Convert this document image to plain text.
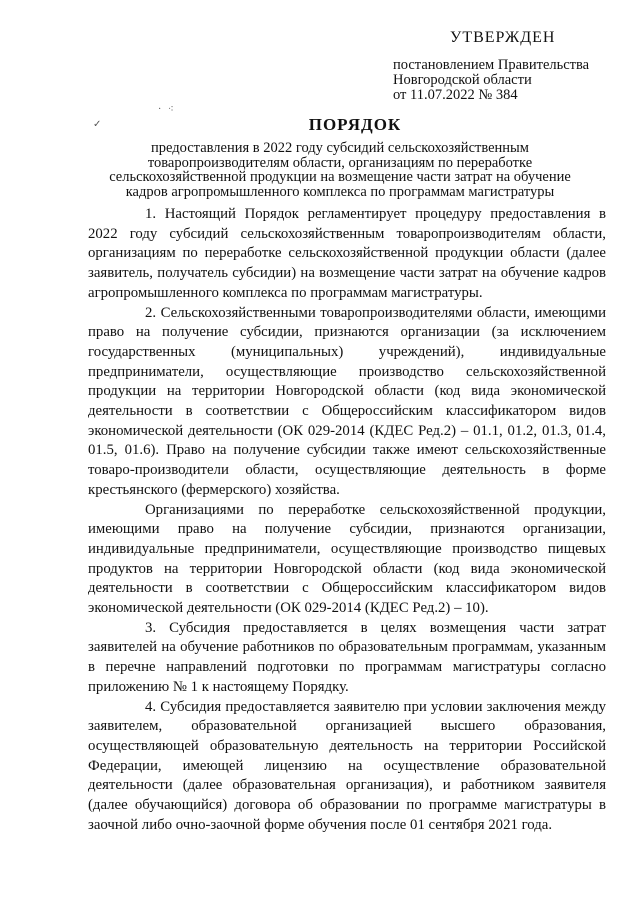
УТВЕРЖДЕН
постановлением Правительства
Новгородской области
от 11.07.2022 № 384
✓
· ⁖
ПОРЯДОК
предоставления в 2022 году субсидий сельскохозяйственным товаропроизводителям области, организациям по переработке сельскохозяйственной продукции на возмещение части затрат на обучение кадров агропромышленного комплекса по программам магистратуры

1. Настоящий Порядок регламентирует процедуру предоставления в 2022 году субсидий сельскохозяйственным товаропроизводителям области, организациям по переработке сельскохозяйственной продукции области (далее заявитель, получатель субсидии) на возмещение части затрат на обучение кадров агропромышленного комплекса по программам магистратуры.

2. Сельскохозяйственными товаропроизводителями области, имеющими право на получение субсидии, признаются организации (за исключением государственных (муниципальных) учреждений), индивидуальные предприниматели, осуществляющие производство сельскохозяйственной продукции на территории Новгородской области (код вида экономической деятельности в соответствии с Общероссийским классификатором видов экономической деятельности (ОК 029-2014 (КДЕС Ред.2) – 01.1, 01.2, 01.3, 01.4, 01.5, 01.6). Право на получение субсидии также имеют сельскохозяйственные товаро-производители области, осуществляющие деятельность в форме крестьянского (фермерского) хозяйства.

Организациями по переработке сельскохозяйственной продукции, имеющими право на получение субсидии, признаются организации, индивидуальные предприниматели, осуществляющие производство пищевых продуктов на территории Новгородской области (код вида экономической деятельности в соответствии с Общероссийским классификатором видов экономической деятельности (ОК 029-2014 (КДЕС Ред.2) – 10).

3. Субсидия предоставляется в целях возмещения части затрат заявителей на обучение работников по образовательным программам, указанным в перечне направлений подготовки по программам магистратуры согласно приложению № 1 к настоящему Порядку.

4. Субсидия предоставляется заявителю при условии заключения между заявителем, образовательной организацией высшего образования, осуществляющей образовательную деятельность на территории Российской Федерации, имеющей лицензию на осуществление образовательной деятельности (далее образовательная организация), и работником заявителя (далее обучающийся) договора об образовании по программе магистратуры в заочной либо очно-заочной форме обучения после 01 сентября 2021 года.
